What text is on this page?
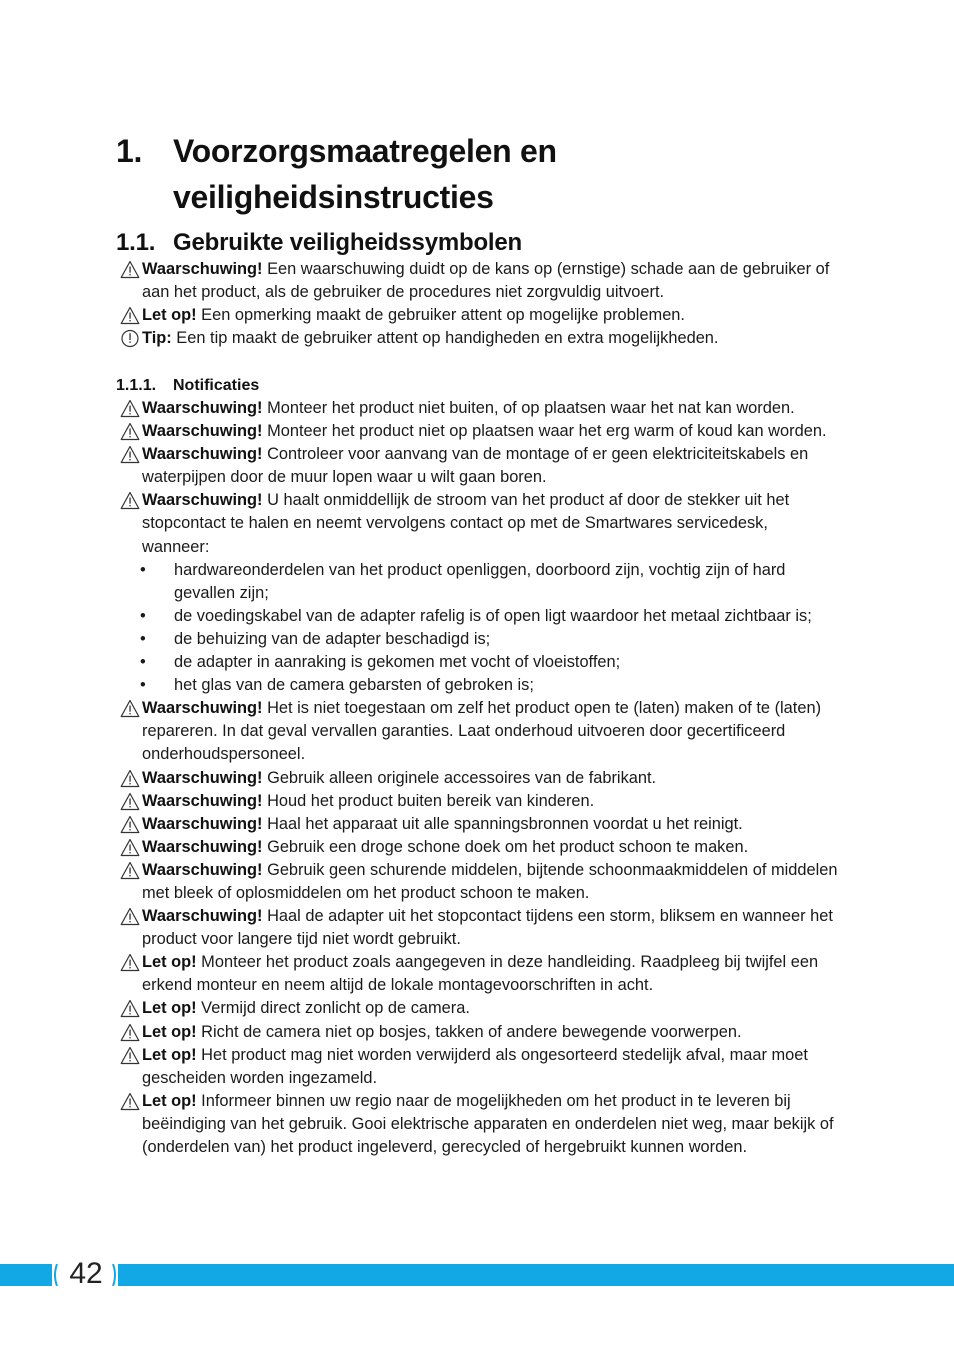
1. Voorzorgsmaatregelen en veiligheidsinstructies
1.1. Gebruikte veiligheidssymbolen
Waarschuwing! Een waarschuwing duidt op de kans op (ernstige) schade aan de gebruiker of aan het product, als de gebruiker de procedures niet zorgvuldig uitvoert.
Let op! Een opmerking maakt de gebruiker attent op mogelijke problemen.
Tip: Een tip maakt de gebruiker attent op handigheden en extra mogelijkheden.
1.1.1. Notificaties
Waarschuwing! Monteer het product niet buiten, of op plaatsen waar het nat kan worden.
Waarschuwing! Monteer het product niet op plaatsen waar het erg warm of koud kan worden.
Waarschuwing! Controleer voor aanvang van de montage of er geen elektriciteitskabels en waterpijpen door de muur lopen waar u wilt gaan boren.
Waarschuwing! U haalt onmiddellijk de stroom van het product af door de stekker uit het stopcontact te halen en neemt vervolgens contact op met de Smartwares servicedesk, wanneer:
• hardwareonderdelen van het product openliggen, doorboord zijn, vochtig zijn of hard gevallen zijn;
• de voedingskabel van de adapter rafelig is of open ligt waardoor het metaal zichtbaar is;
• de behuizing van de adapter beschadigd is;
• de adapter in aanraking is gekomen met vocht of vloeistoffen;
• het glas van de camera gebarsten of gebroken is;
Waarschuwing! Het is niet toegestaan om zelf het product open te (laten) maken of te (laten) repareren. In dat geval vervallen garanties. Laat onderhoud uitvoeren door gecertificeerd onderhoudspersoneel.
Waarschuwing! Gebruik alleen originele accessoires van de fabrikant.
Waarschuwing! Houd het product buiten bereik van kinderen.
Waarschuwing! Haal het apparaat uit alle spanningsbronnen voordat u het reinigt.
Waarschuwing! Gebruik een droge schone doek om het product schoon te maken.
Waarschuwing! Gebruik geen schurende middelen, bijtende schoonmaakmiddelen of middelen met bleek of oplosmiddelen om het product schoon te maken.
Waarschuwing! Haal de adapter uit het stopcontact tijdens een storm, bliksem en wanneer het product voor langere tijd niet wordt gebruikt.
Let op! Monteer het product zoals aangegeven in deze handleiding. Raadpleeg bij twijfel een erkend monteur en neem altijd de lokale montagevoorschriften in acht.
Let op! Vermijd direct zonlicht op de camera.
Let op! Richt de camera niet op bosjes, takken of andere bewegende voorwerpen.
Let op! Het product mag niet worden verwijderd als ongesorteerd stedelijk afval, maar moet gescheiden worden ingezameld.
Let op! Informeer binnen uw regio naar de mogelijkheden om het product in te leveren bij beëindiging van het gebruik. Gooi elektrische apparaten en onderdelen niet weg, maar bekijk of (onderdelen van) het product ingeleverd, gerecycled of hergebruikt kunnen worden.
42
